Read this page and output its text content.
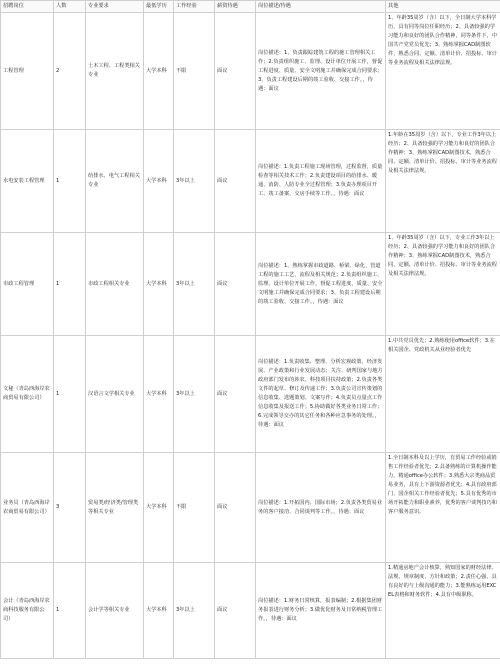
招聘岗位	人数	专业要求	最低学历	工作经验	薪资待遇	岗位描述/待遇	其他
工程管理	2	土木工程、工程类相关专业	大学本科	不限	面议	岗位描述：1、负责跟踪建筑工程的施工管理相关工作；2.负责组织施工、监理、设计单位开展工作，督促工程进度、质量、安全文明施工并确保完成合同要求；3、负责工程建设后期的竣工验收、交接工作。，待遇：面议	1、年龄35周岁（含）以下，全日制大学本科学历，具有同等岗位任职经历；2、具备较强的学习能力和良好的团队合作精神，同等条件下，中国共产党党员优先；3、熟练掌握CAD制图软件，熟悉合同、定额、清单计价、招投标、审计等业务流程及相关法律法规。
水电安装工程管理	1	给排水、电气工程相关专业	大学本科	3年以上	面议	岗位描述：1.负责工程施工现场管理，过程监督，质量检查等相关技术工作；2.负责建设项目的给排水、暖通、消防、人防专业全过程管理；3.负责办理项目开工、竣工备案、交房手续等工作。，待遇：面议	1.年龄在35周岁（含）以下，专业工作3年以上经历；2、具备较强的学习能力和良好的团队合作精神；3、熟练掌握CAD制图技术，熟悉合同、定额、清单计价、招投标、审计等业务流程及相关法律法规。
市政工程管理	1	市政工程相关专业	大学本科	3年以上	面议	岗位描述：1、熟练掌握市政道路、桥梁、绿化、管道工程的施工工艺、流程及相关规范；2.负责组织施工、监理、设计单位开展工作，督促工程进度、质量、安全文明施工并确保完成合同要求；3、负责工程建设后期的竣工验收、交接工作。，待遇：面议	1、年龄35周岁（含）以下，专业工作3年以上经历；2、具备较强的学习能力和良好的团队合作精神；3、熟练掌握CAD制图技术，熟悉合同、定额、清单计价、招投标、审计等业务流程及相关法律法规。
文秘（青岛西海岸农商贸易有限公司）	1	汉语言文学相关专业	大学本科	3年以上	面议	岗位描述：1.负责收集、整理、分析宏观政策、经济发展、产业政策和行业发展动态；关注、研判国家与地方政府部门发布的涉农、科技项目扶持政策；2.负责各类文件的起草、修订及传递工作；3.负责公司宣传策划的信息收集、选题策划、文案写作；4.负责员点量点工作信息收集及报送工作；5.协助做好各类业务日常工作；6.完成领导交办的其它任务和各种应急事务的处理。，待遇：面议	1.中共党员优先；2.熟练使用office软件；3.在相关国企、党政机关从业经验者优先
业务员（青岛西海岸农商贸易有限公司）	3	贸易类/经济类/管理类等相关专业	大学本科	不限	面议	岗位描述：1.开拓国内、国际市场；2.负责各类贸易业务的客户接洽、合同谈判等工作。，待遇：面议	1.全日制本科及以上学历，有贸易工作经验或销售工作经验者优先；2.具备熟练的计算机操作能力，精通office办公软件；3.熟悉大宗类商品贸易业务，具有上下游资源者优先；4.具有政府部门、国企相关工作经验者优先；5.具有优秀的市场开拓能力和职业素养，优秀的客户谈判技巧和客户服务意识。
会计（青岛西海岸农商科技服务有限公司）	1	会计学等相关专业	大学本科	3年以上	面议	岗位描述：1.财务日常核算，报表编制；2.根据集团财务报表进行财务分析；3.做优化财务及日常纳税管理工作。，待遇：面议	1.精通房地产会计核算，熟知国家的财经法律、法规、规章制度、方针和政策；2.责任心强，具有良好的与上级沟通的能力；3.能熟练运用EXCEL表格和财务软件；4.具有中级职称。
